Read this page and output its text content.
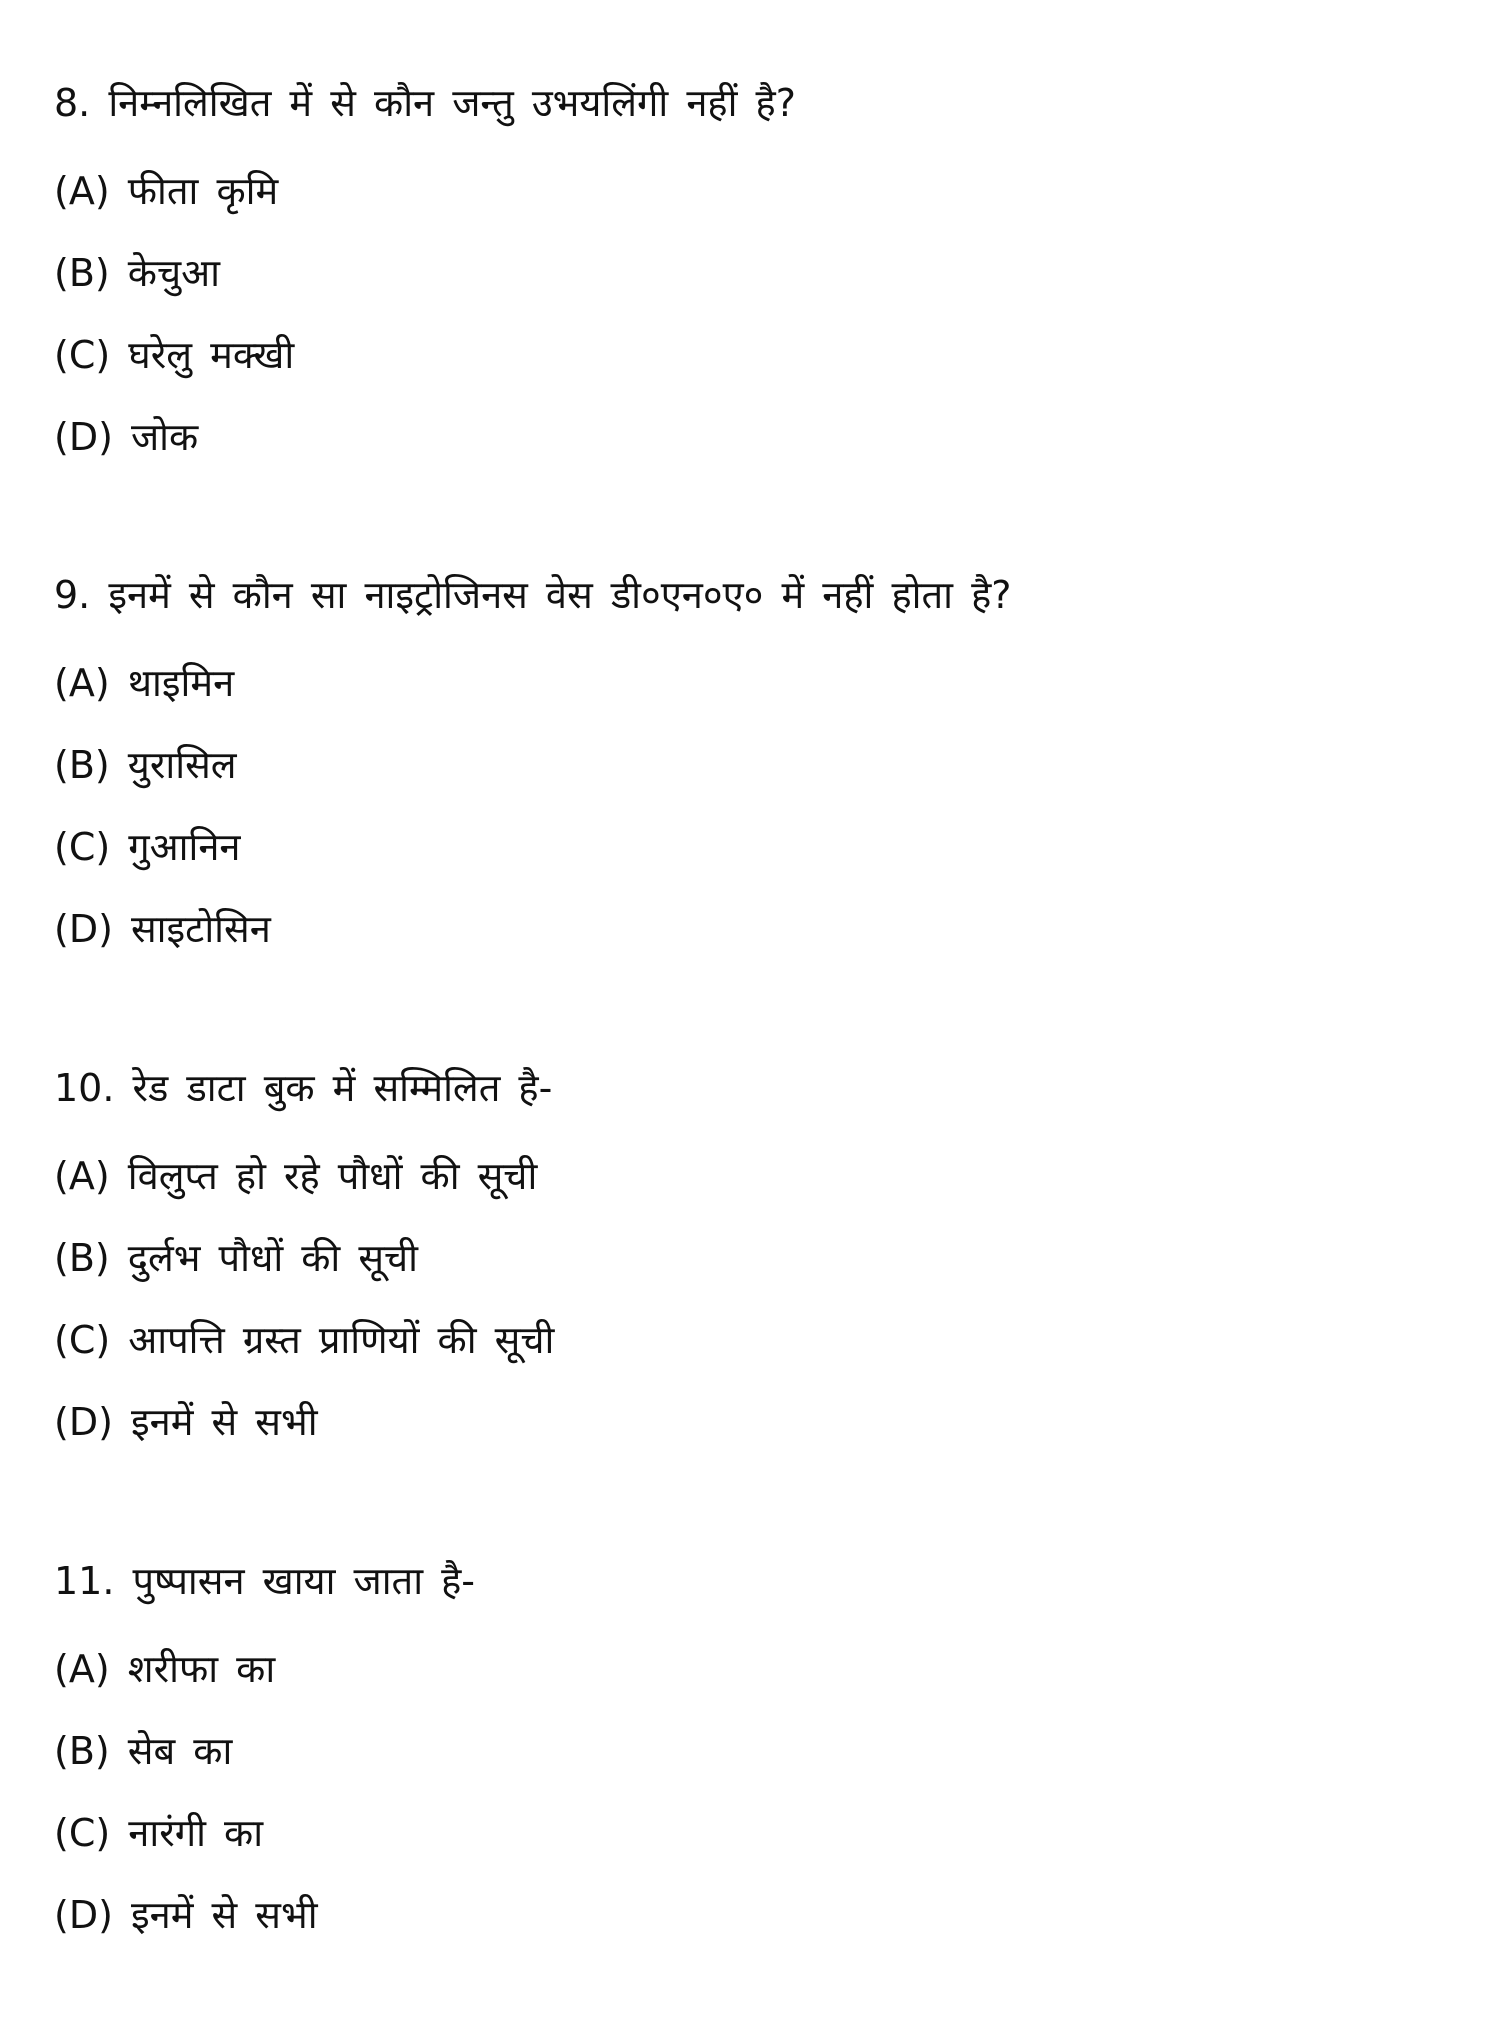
8. निम्नलिखित में से कौन जन्तु उभयलिंगी नहीं है?
(A) फीता कृमि
(B) केचुआ
(C) घरेलु मक्खी
(D) जोक
9. इनमें से कौन सा नाइट्रोजिनस वेस डी०एन०ए० में नहीं होता है?
(A) थाइमिन
(B) युरासिल
(C) गुआनिन
(D) साइटोसिन
10. रेड डाटा बुक में सम्मिलित है-
(A) विलुप्त हो रहे पौधों की सूची
(B) दुर्लभ पौधों की सूची
(C) आपत्ति ग्रस्त प्राणियों की सूची
(D) इनमें से सभी
11. पुष्पासन खाया जाता है-
(A) शरीफा का
(B) सेब का
(C) नारंगी का
(D) इनमें से सभी
